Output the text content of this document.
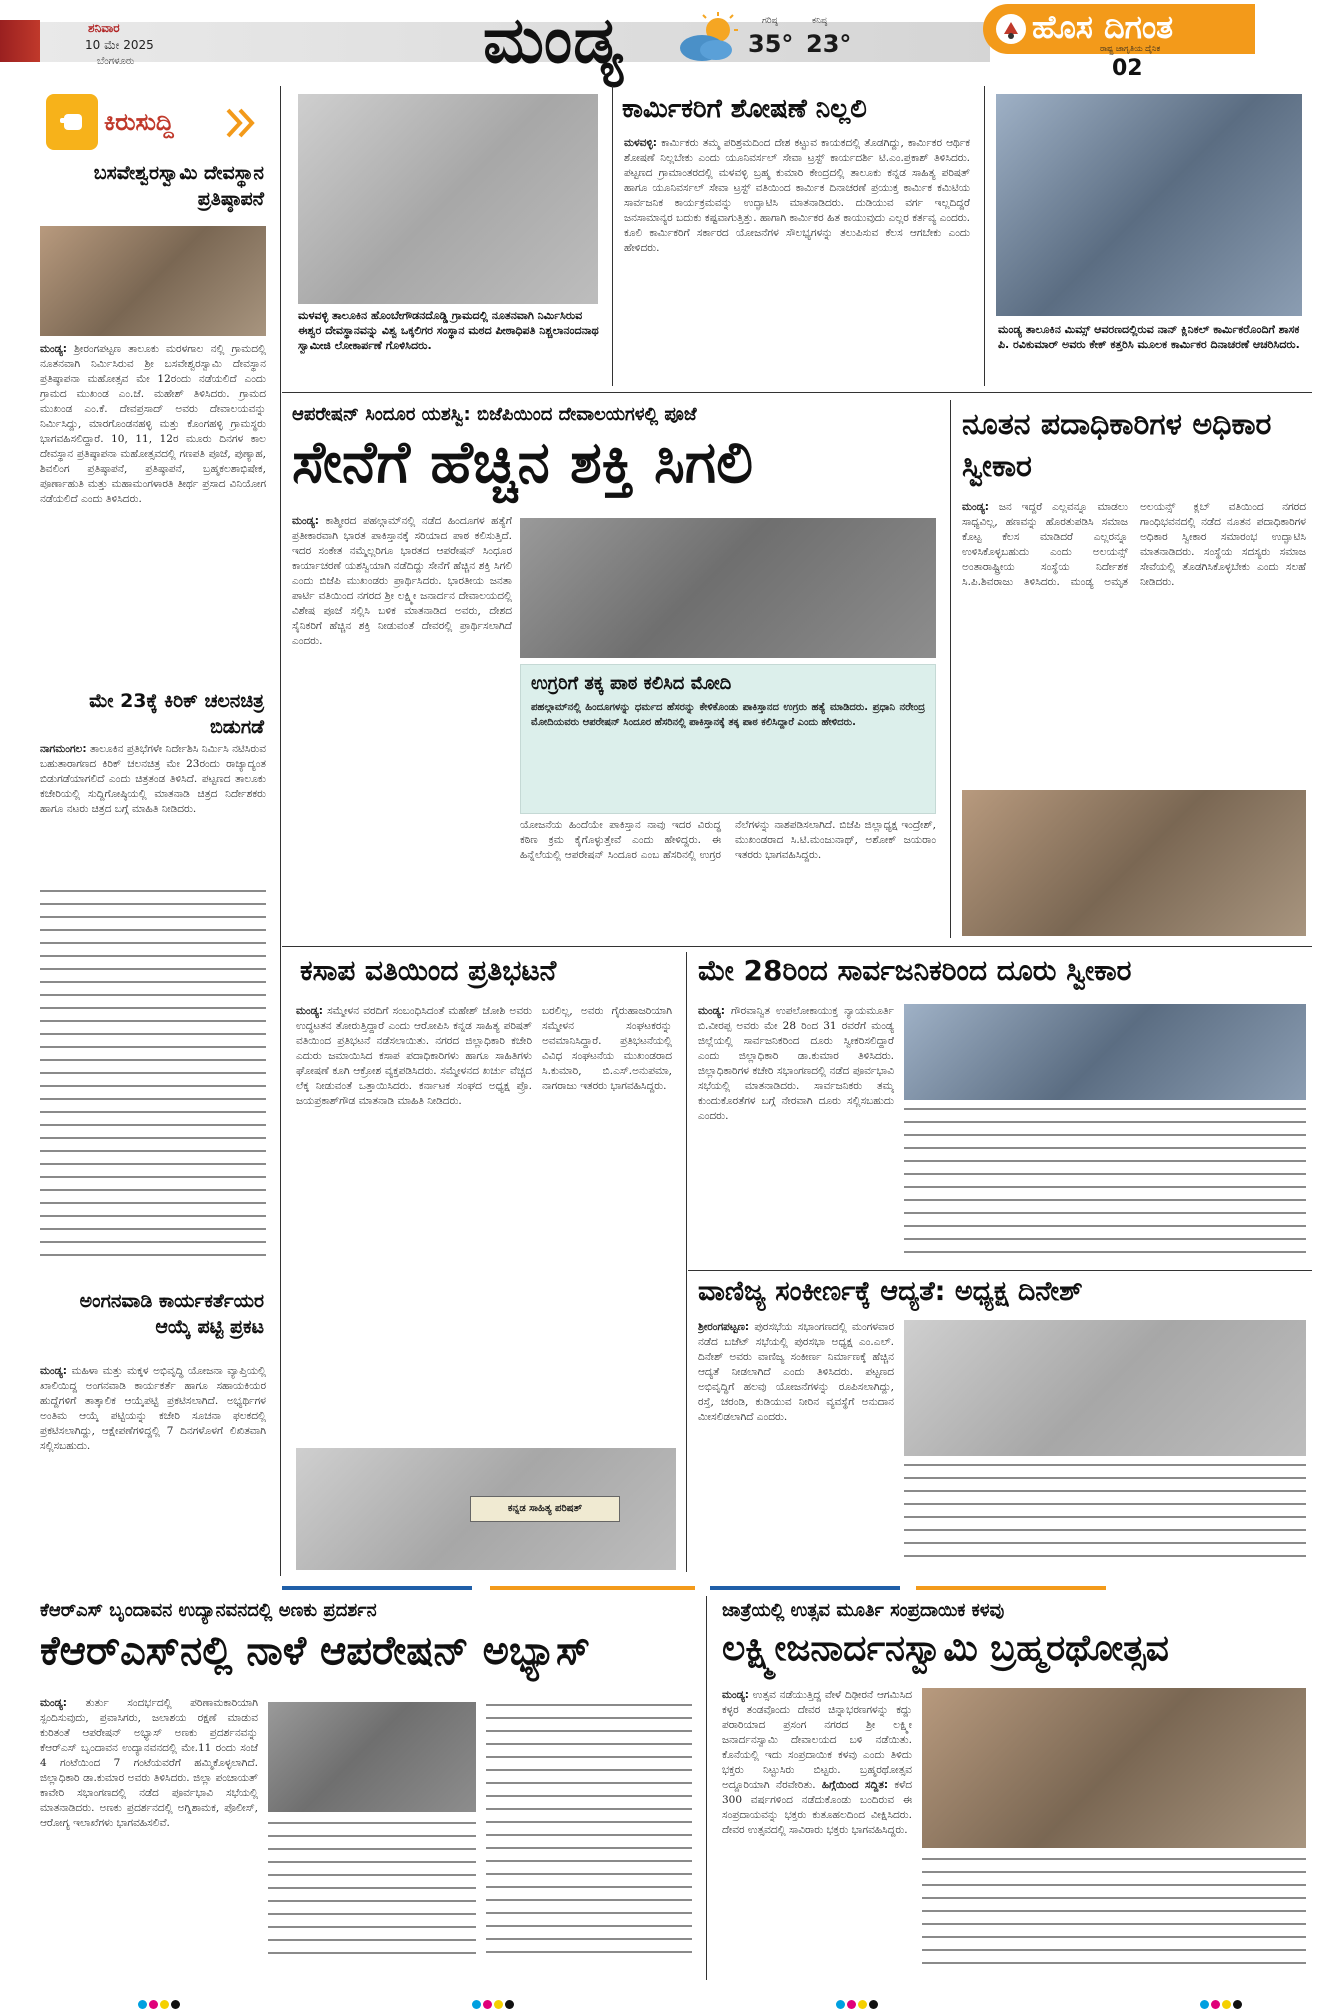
ಶನಿವಾರ
10 ಮೇ 2025
ಬೆಂಗಳೂರು	ಮಂಡ್ಯ	ಗರಿಷ್ಠ
35°
ಕನಿಷ್ಠ
23°	ಹೊಸ ದಿಗಂತ
ರಾಷ್ಟ್ರ ಜಾಗೃತಿಯ ದೈನಿಕ
02
ಕಿರುಸುದ್ದಿ
ಬಸವೇಶ್ವರಸ್ವಾಮಿ ದೇವಸ್ಥಾನ ಪ್ರತಿಷ್ಠಾಪನೆ
ಮಂಡ್ಯ: ಶ್ರೀರಂಗಪಟ್ಟಣ ತಾಲೂಕು ಮರಳಗಾಲ ನಲ್ಲಿ ಗ್ರಾಮದಲ್ಲಿ ನೂತನವಾಗಿ ನಿರ್ಮಿಸಿರುವ ಶ್ರೀ ಬಸವೇಶ್ವರಸ್ವಾಮಿ ದೇವಸ್ಥಾನ ಪ್ರತಿಷ್ಠಾಪನಾ ಮಹೋತ್ಸವ ಮೇ 12ರಂದು ನಡೆಯಲಿದೆ ಎಂದು ಗ್ರಾಮದ ಮುಖಂಡ ಎಂ.ಜೆ. ಮಹೇಶ್ ತಿಳಿಸಿದರು. ಗ್ರಾಮದ ಮುಖಂಡ ಎಂ.ಕೆ. ದೇವಪ್ರಸಾದ್ ಅವರು ದೇವಾಲಯವನ್ನು ನಿರ್ಮಿಸಿದ್ದು, ಮಾರಗೊಂಡನಹಳ್ಳಿ ಮತ್ತು ಕೊಂಗಹಳ್ಳಿ ಗ್ರಾಮಸ್ಥರು ಭಾಗವಹಿಸಲಿದ್ದಾರೆ. 10, 11, 12ರ ಮೂರು ದಿನಗಳ ಕಾಲ ದೇವಸ್ಥಾನ ಪ್ರತಿಷ್ಠಾಪನಾ ಮಹೋತ್ಸವದಲ್ಲಿ ಗಣಪತಿ ಪೂಜೆ, ಪುಣ್ಯಾಹ, ಶಿವಲಿಂಗ ಪ್ರತಿಷ್ಠಾಪನೆ, ಪ್ರತಿಷ್ಠಾಪನೆ, ಬ್ರಹ್ಮಕಲಶಾಭಿಷೇಕ, ಪೂರ್ಣಾಹುತಿ ಮತ್ತು ಮಹಾಮಂಗಳಾರತಿ ತೀರ್ಥ ಪ್ರಸಾದ ವಿನಿಯೋಗ ನಡೆಯಲಿದೆ ಎಂದು ತಿಳಿಸಿದರು.
ಮೇ 23ಕ್ಕೆ ಕಿರಿಕ್ ಚಲನಚಿತ್ರ ಬಿಡುಗಡೆ
ನಾಗಮಂಗಲ: ತಾಲೂಕಿನ ಪ್ರತಿಭೆಗಳೇ ನಿರ್ದೇಶಿಸಿ ನಿರ್ಮಿಸಿ ನಟಿಸಿರುವ ಬಹುತಾರಾಗಣದ ಕಿರಿಕ್ ಚಲನಚಿತ್ರ ಮೇ 23ರಂದು ರಾಜ್ಯಾದ್ಯಂತ ಬಿಡುಗಡೆಯಾಗಲಿದೆ ಎಂದು ಚಿತ್ರತಂಡ ತಿಳಿಸಿದೆ. ಪಟ್ಟಣದ ತಾಲೂಕು ಕಚೇರಿಯಲ್ಲಿ ಸುದ್ದಿಗೋಷ್ಠಿಯಲ್ಲಿ ಮಾತನಾಡಿ ಚಿತ್ರದ ನಿರ್ದೇಶಕರು ಹಾಗೂ ನಟರು ಚಿತ್ರದ ಬಗ್ಗೆ ಮಾಹಿತಿ ನೀಡಿದರು.
ಅಂಗನವಾಡಿ ಕಾರ್ಯಕರ್ತೆಯರ ಆಯ್ಕೆ ಪಟ್ಟಿ ಪ್ರಕಟ
ಮಂಡ್ಯ: ಮಹಿಳಾ ಮತ್ತು ಮಕ್ಕಳ ಅಭಿವೃದ್ಧಿ ಯೋಜನಾ ವ್ಯಾಪ್ತಿಯಲ್ಲಿ ಖಾಲಿಯಿದ್ದ ಅಂಗನವಾಡಿ ಕಾರ್ಯಕರ್ತೆ ಹಾಗೂ ಸಹಾಯಕಿಯರ ಹುದ್ದೆಗಳಿಗೆ ತಾತ್ಕಾಲಿಕ ಆಯ್ಕೆಪಟ್ಟಿ ಪ್ರಕಟಿಸಲಾಗಿದೆ. ಅಭ್ಯರ್ಥಿಗಳ ಅಂತಿಮ ಆಯ್ಕೆ ಪಟ್ಟಿಯನ್ನು ಕಚೇರಿ ಸೂಚನಾ ಫಲಕದಲ್ಲಿ ಪ್ರಕಟಿಸಲಾಗಿದ್ದು, ಆಕ್ಷೇಪಣೆಗಳಿದ್ದಲ್ಲಿ 7 ದಿನಗಳೊಳಗೆ ಲಿಖಿತವಾಗಿ ಸಲ್ಲಿಸಬಹುದು.
ಮಳವಳ್ಳಿ ತಾಲೂಕಿನ ಹೊಂಬೇಗೌಡನದೊಡ್ಡಿ ಗ್ರಾಮದಲ್ಲಿ ನೂತನವಾಗಿ ನಿರ್ಮಿಸಿರುವ ಈಶ್ವರ ದೇವಸ್ಥಾನವನ್ನು ವಿಶ್ವ ಒಕ್ಕಲಿಗರ ಸಂಸ್ಥಾನ ಮಠದ ಪೀಠಾಧಿಪತಿ ನಿಶ್ಚಲಾನಂದನಾಥ ಸ್ವಾಮೀಜಿ ಲೋಕಾರ್ಪಣೆ ಗೊಳಿಸಿದರು.
ಕಾರ್ಮಿಕರಿಗೆ ಶೋಷಣೆ ನಿಲ್ಲಲಿ
ಮಳವಳ್ಳಿ: ಕಾರ್ಮಿಕರು ತಮ್ಮ ಪರಿಶ್ರಮದಿಂದ ದೇಶ ಕಟ್ಟುವ ಕಾಯಕದಲ್ಲಿ ತೊಡಗಿದ್ದು, ಕಾರ್ಮಿಕರ ಆರ್ಥಿಕ ಶೋಷಣೆ ನಿಲ್ಲಬೇಕು ಎಂದು ಯೂನಿವರ್ಸಲ್ ಸೇವಾ ಟ್ರಸ್ಟ್ ಕಾರ್ಯದರ್ಶಿ ಟಿ.ಎಂ.ಪ್ರಕಾಶ್ ತಿಳಿಸಿದರು. ಪಟ್ಟಣದ ಗ್ರಾಮಾಂತರದಲ್ಲಿ ಮಳವಳ್ಳಿ ಬ್ರಹ್ಮ ಕುಮಾರಿ ಕೇಂದ್ರದಲ್ಲಿ ತಾಲೂಕು ಕನ್ನಡ ಸಾಹಿತ್ಯ ಪರಿಷತ್ ಹಾಗೂ ಯೂನಿವರ್ಸಲ್ ಸೇವಾ ಟ್ರಸ್ಟ್ ವತಿಯಿಂದ ಕಾರ್ಮಿಕ ದಿನಾಚರಣೆ ಪ್ರಯುಕ್ತ ಕಾರ್ಮಿಕ ಕಮಿಟಿಯ ಸಾರ್ವಜನಿಕ ಕಾರ್ಯಕ್ರಮವನ್ನು ಉದ್ಘಾಟಿಸಿ ಮಾತನಾಡಿದರು. ದುಡಿಯುವ ವರ್ಗ ಇಲ್ಲದಿದ್ದರೆ ಜನಸಾಮಾನ್ಯರ ಬದುಕು ಕಷ್ಟವಾಗುತ್ತಿತ್ತು. ಹಾಗಾಗಿ ಕಾರ್ಮಿಕರ ಹಿತ ಕಾಯುವುದು ಎಲ್ಲರ ಕರ್ತವ್ಯ ಎಂದರು. ಕೂಲಿ ಕಾರ್ಮಿಕರಿಗೆ ಸರ್ಕಾರದ ಯೋಜನೆಗಳ ಸೌಲಭ್ಯಗಳನ್ನು ತಲುಪಿಸುವ ಕೆಲಸ ಆಗಬೇಕು ಎಂದು ಹೇಳಿದರು.
ಮಂಡ್ಯ ತಾಲೂಕಿನ ಮಿಮ್ಸ್ ಆವರಣದಲ್ಲಿರುವ ನಾನ್ ಕ್ಲಿನಿಕಲ್ ಕಾರ್ಮಿಕರೊಂದಿಗೆ ಶಾಸಕ ಪಿ. ರವಿಕುಮಾರ್ ಅವರು ಕೇಕ್ ಕತ್ತರಿಸಿ ಮೂಲಕ ಕಾರ್ಮಿಕರ ದಿನಾಚರಣೆ ಆಚರಿಸಿದರು.
ಆಪರೇಷನ್ ಸಿಂದೂರ ಯಶಸ್ವಿ: ಬಿಜೆಪಿಯಿಂದ ದೇವಾಲಯಗಳಲ್ಲಿ ಪೂಜೆ
ಸೇನೆಗೆ ಹೆಚ್ಚಿನ ಶಕ್ತಿ ಸಿಗಲಿ
ಮಂಡ್ಯ: ಕಾಶ್ಮೀರದ ಪಹಲ್ಗಾಮ್‌ನಲ್ಲಿ ನಡೆದ ಹಿಂದೂಗಳ ಹತ್ಯೆಗೆ ಪ್ರತೀಕಾರವಾಗಿ ಭಾರತ ಪಾಕಿಸ್ತಾನಕ್ಕೆ ಸರಿಯಾದ ಪಾಠ ಕಲಿಸುತ್ತಿದೆ. ಇದರ ಸಂಕೇತ ನಮ್ಮೆಲ್ಲರಿಗೂ ಭಾರತದ ಆಪರೇಷನ್ ಸಿಂಧೂರ ಕಾರ್ಯಾಚರಣೆ ಯಶಸ್ವಿಯಾಗಿ ನಡೆದಿದ್ದು ಸೇನೆಗೆ ಹೆಚ್ಚಿನ ಶಕ್ತಿ ಸಿಗಲಿ ಎಂದು ಬಿಜೆಪಿ ಮುಖಂಡರು ಪ್ರಾರ್ಥಿಸಿದರು. ಭಾರತೀಯ ಜನತಾ ಪಾರ್ಟಿ ವತಿಯಿಂದ ನಗರದ ಶ್ರೀ ಲಕ್ಷ್ಮೀ ಜನಾರ್ದನ ದೇವಾಲಯದಲ್ಲಿ ವಿಶೇಷ ಪೂಜೆ ಸಲ್ಲಿಸಿ ಬಳಿಕ ಮಾತನಾಡಿದ ಅವರು, ದೇಶದ ಸೈನಿಕರಿಗೆ ಹೆಚ್ಚಿನ ಶಕ್ತಿ ನೀಡುವಂತೆ ದೇವರಲ್ಲಿ ಪ್ರಾರ್ಥಿಸಲಾಗಿದೆ ಎಂದರು.
ಉಗ್ರರಿಗೆ ತಕ್ಕ ಪಾಠ ಕಲಿಸಿದ ಮೋದಿ
ಪಹಲ್ಗಾಮ್‌ನಲ್ಲಿ ಹಿಂದೂಗಳನ್ನು ಧರ್ಮದ ಹೆಸರನ್ನು ಕೇಳಿಕೊಂಡು ಪಾಕಿಸ್ತಾನದ ಉಗ್ರರು ಹತ್ಯೆ ಮಾಡಿದರು. ಪ್ರಧಾನಿ ನರೇಂದ್ರ ಮೋದಿಯವರು ಆಪರೇಷನ್ ಸಿಂದೂರ ಹೆಸರಿನಲ್ಲಿ ಪಾಕಿಸ್ತಾನಕ್ಕೆ ತಕ್ಕ ಪಾಠ ಕಲಿಸಿದ್ದಾರೆ ಎಂದು ಹೇಳಿದರು.
ಯೋಜನೆಯ ಹಿಂದೆಯೇ ಪಾಕಿಸ್ತಾನ ನಾವು ಇದರ ವಿರುದ್ಧ ಕಠಿಣ ಕ್ರಮ ಕೈಗೊಳ್ಳುತ್ತೇವೆ ಎಂದು ಹೇಳಿದ್ದರು. ಈ ಹಿನ್ನೆಲೆಯಲ್ಲಿ ಆಪರೇಷನ್ ಸಿಂದೂರ ಎಂಬ ಹೆಸರಿನಲ್ಲಿ ಉಗ್ರರ ನೆಲೆಗಳನ್ನು ನಾಶಪಡಿಸಲಾಗಿದೆ. ಬಿಜೆಪಿ ಜಿಲ್ಲಾಧ್ಯಕ್ಷ ಇಂದ್ರೇಶ್, ಮುಖಂಡರಾದ ಸಿ.ಟಿ.ಮಂಜುನಾಥ್, ಅಶೋಕ್ ಜಯರಾಂ ಇತರರು ಭಾಗವಹಿಸಿದ್ದರು.
ನೂತನ ಪದಾಧಿಕಾರಿಗಳ ಅಧಿಕಾರ ಸ್ವೀಕಾರ
ಮಂಡ್ಯ: ಜನ ಇದ್ದರೆ ಎಲ್ಲವನ್ನೂ ಮಾಡಲು ಸಾಧ್ಯವಿಲ್ಲ, ಹಣವನ್ನು ಹೊರತುಪಡಿಸಿ ಸಮಾಜ ಕೊಟ್ಟ ಕೆಲಸ ಮಾಡಿದರೆ ಎಲ್ಲರನ್ನೂ ಉಳಿಸಿಕೊಳ್ಳಬಹುದು ಎಂದು ಅಲಯನ್ಸ್ ಅಂತಾರಾಷ್ಟ್ರೀಯ ಸಂಸ್ಥೆಯ ನಿರ್ದೇಶಕ ಸಿ.ಪಿ.ಶಿವರಾಜು ತಿಳಿಸಿದರು. ಮಂಡ್ಯ ಅಮೃತ ಅಲಯನ್ಸ್ ಕ್ಲಬ್ ವತಿಯಿಂದ ನಗರದ ಗಾಂಧಿಭವನದಲ್ಲಿ ನಡೆದ ನೂತನ ಪದಾಧಿಕಾರಿಗಳ ಅಧಿಕಾರ ಸ್ವೀಕಾರ ಸಮಾರಂಭ ಉದ್ಘಾಟಿಸಿ ಮಾತನಾಡಿದರು. ಸಂಸ್ಥೆಯ ಸದಸ್ಯರು ಸಮಾಜ ಸೇವೆಯಲ್ಲಿ ತೊಡಗಿಸಿಕೊಳ್ಳಬೇಕು ಎಂದು ಸಲಹೆ ನೀಡಿದರು.
ಕಸಾಪ ವತಿಯಿಂದ ಪ್ರತಿಭಟನೆ
ಮಂಡ್ಯ: ಸಮ್ಮೇಳನ ವರದಿಗೆ ಸಂಬಂಧಿಸಿದಂತೆ ಮಹೇಶ್ ಜೋಶಿ ಅವರು ಉದ್ಧಟತನ ತೋರುತ್ತಿದ್ದಾರೆ ಎಂದು ಆರೋಪಿಸಿ ಕನ್ನಡ ಸಾಹಿತ್ಯ ಪರಿಷತ್ ವತಿಯಿಂದ ಪ್ರತಿಭಟನೆ ನಡೆಸಲಾಯಿತು. ನಗರದ ಜಿಲ್ಲಾಧಿಕಾರಿ ಕಚೇರಿ ಎದುರು ಜಮಾಯಿಸಿದ ಕಸಾಪ ಪದಾಧಿಕಾರಿಗಳು ಹಾಗೂ ಸಾಹಿತಿಗಳು ಘೋಷಣೆ ಕೂಗಿ ಆಕ್ರೋಶ ವ್ಯಕ್ತಪಡಿಸಿದರು. ಸಮ್ಮೇಳನದ ಖರ್ಚು ವೆಚ್ಚದ ಲೆಕ್ಕ ನೀಡುವಂತೆ ಒತ್ತಾಯಿಸಿದರು. ಕರ್ನಾಟಕ ಸಂಘದ ಅಧ್ಯಕ್ಷ ಪ್ರೊ. ಜಯಪ್ರಕಾಶ್‌ಗೌಡ ಮಾತನಾಡಿ ಮಾಹಿತಿ ನೀಡಿದರು.
ಬರಲಿಲ್ಲ, ಅವರು ಗೈರುಹಾಜರಿಯಾಗಿ ಸಮ್ಮೇಳನ ಸಂಘಟಕರನ್ನು ಅವಮಾನಿಸಿದ್ದಾರೆ. ಪ್ರತಿಭಟನೆಯಲ್ಲಿ ವಿವಿಧ ಸಂಘಟನೆಯ ಮುಖಂಡರಾದ ಸಿ.ಕುಮಾರಿ, ಬಿ.ಎಸ್.ಅನುಪಮಾ, ನಾಗರಾಜು ಇತರರು ಭಾಗವಹಿಸಿದ್ದರು.
ಕನ್ನಡ ಸಾಹಿತ್ಯ ಪರಿಷತ್
ಮೇ 28ರಿಂದ ಸಾರ್ವಜನಿಕರಿಂದ ದೂರು ಸ್ವೀಕಾರ
ಮಂಡ್ಯ: ಗೌರವಾನ್ವಿತ ಉಪಲೋಕಾಯುಕ್ತ ನ್ಯಾಯಮೂರ್ತಿ ಬಿ.ವೀರಪ್ಪ ಅವರು ಮೇ 28 ರಿಂದ 31 ರವರೆಗೆ ಮಂಡ್ಯ ಜಿಲ್ಲೆಯಲ್ಲಿ ಸಾರ್ವಜನಿಕರಿಂದ ದೂರು ಸ್ವೀಕರಿಸಲಿದ್ದಾರೆ ಎಂದು ಜಿಲ್ಲಾಧಿಕಾರಿ ಡಾ.ಕುಮಾರ ತಿಳಿಸಿದರು. ಜಿಲ್ಲಾಧಿಕಾರಿಗಳ ಕಚೇರಿ ಸಭಾಂಗಣದಲ್ಲಿ ನಡೆದ ಪೂರ್ವಭಾವಿ ಸಭೆಯಲ್ಲಿ ಮಾತನಾಡಿದರು. ಸಾರ್ವಜನಿಕರು ತಮ್ಮ ಕುಂದುಕೊರತೆಗಳ ಬಗ್ಗೆ ನೇರವಾಗಿ ದೂರು ಸಲ್ಲಿಸಬಹುದು ಎಂದರು.
ವಾಣಿಜ್ಯ ಸಂಕೀರ್ಣಕ್ಕೆ ಆದ್ಯತೆ: ಅಧ್ಯಕ್ಷ ದಿನೇಶ್
ಶ್ರೀರಂಗಪಟ್ಟಣ: ಪುರಸಭೆಯ ಸಭಾಂಗಣದಲ್ಲಿ ಮಂಗಳವಾರ ನಡೆದ ಬಜೆಟ್ ಸಭೆಯಲ್ಲಿ ಪುರಸಭಾ ಅಧ್ಯಕ್ಷ ಎಂ.ಎಲ್. ದಿನೇಶ್ ಅವರು ವಾಣಿಜ್ಯ ಸಂಕೀರ್ಣ ನಿರ್ಮಾಣಕ್ಕೆ ಹೆಚ್ಚಿನ ಆದ್ಯತೆ ನೀಡಲಾಗಿದೆ ಎಂದು ತಿಳಿಸಿದರು. ಪಟ್ಟಣದ ಅಭಿವೃದ್ಧಿಗೆ ಹಲವು ಯೋಜನೆಗಳನ್ನು ರೂಪಿಸಲಾಗಿದ್ದು, ರಸ್ತೆ, ಚರಂಡಿ, ಕುಡಿಯುವ ನೀರಿನ ವ್ಯವಸ್ಥೆಗೆ ಅನುದಾನ ಮೀಸಲಿಡಲಾಗಿದೆ ಎಂದರು.
ಕೆಆರ್‌ಎಸ್ ಬೃಂದಾವನ ಉದ್ಯಾನವನದಲ್ಲಿ ಅಣಕು ಪ್ರದರ್ಶನ
ಕೆಆರ್‌ಎಸ್‌ನಲ್ಲಿ ನಾಳೆ ಆಪರೇಷನ್ ಅಭ್ಯಾಸ್
ಮಂಡ್ಯ: ತುರ್ತು ಸಂದರ್ಭದಲ್ಲಿ ಪರಿಣಾಮಕಾರಿಯಾಗಿ ಸ್ಪಂದಿಸುವುದು, ಪ್ರವಾಸಿಗರು, ಜಲಾಶಯ ರಕ್ಷಣೆ ಮಾಡುವ ಕುರಿತಂತೆ ಆಪರೇಷನ್ ಅಭ್ಯಾಸ್ ಅಣಕು ಪ್ರದರ್ಶನವನ್ನು ಕೆಆರ್‌ಎಸ್ ಬೃಂದಾವನ ಉದ್ಯಾನವನದಲ್ಲಿ ಮೇ.11 ರಂದು ಸಂಜೆ 4 ಗಂಟೆಯಿಂದ 7 ಗಂಟೆಯವರೆಗೆ ಹಮ್ಮಿಕೊಳ್ಳಲಾಗಿದೆ. ಜಿಲ್ಲಾಧಿಕಾರಿ ಡಾ.ಕುಮಾರ ಅವರು ತಿಳಿಸಿದರು. ಜಿಲ್ಲಾ ಪಂಚಾಯತ್ ಕಾವೇರಿ ಸಭಾಂಗಣದಲ್ಲಿ ನಡೆದ ಪೂರ್ವಭಾವಿ ಸಭೆಯಲ್ಲಿ ಮಾತನಾಡಿದರು. ಅಣಕು ಪ್ರದರ್ಶನದಲ್ಲಿ ಅಗ್ನಿಶಾಮಕ, ಪೊಲೀಸ್, ಆರೋಗ್ಯ ಇಲಾಖೆಗಳು ಭಾಗವಹಿಸಲಿವೆ.
ಜಾತ್ರೆಯಲ್ಲಿ ಉತ್ಸವ ಮೂರ್ತಿ ಸಂಪ್ರದಾಯಿಕ ಕಳವು
ಲಕ್ಷ್ಮೀಜನಾರ್ದನಸ್ವಾಮಿ ಬ್ರಹ್ಮರಥೋತ್ಸವ
ಮಂಡ್ಯ: ಉತ್ಸವ ನಡೆಯುತ್ತಿದ್ದ ವೇಳೆ ದಿಢೀರನೆ ಆಗಮಿಸಿದ ಕಳ್ಳರ ತಂಡವೊಂದು ದೇವರ ಚಿನ್ನಾಭರಣಗಳನ್ನು ಕದ್ದು ಪರಾರಿಯಾದ ಪ್ರಸಂಗ ನಗರದ ಶ್ರೀ ಲಕ್ಷ್ಮೀ ಜನಾರ್ದನಸ್ವಾಮಿ ದೇವಾಲಯದ ಬಳಿ ನಡೆಯಿತು. ಕೊನೆಯಲ್ಲಿ ಇದು ಸಂಪ್ರದಾಯಿಕ ಕಳವು ಎಂದು ತಿಳಿದು ಭಕ್ತರು ನಿಟ್ಟುಸಿರು ಬಿಟ್ಟರು. ಬ್ರಹ್ಮರಥೋತ್ಸವ ಅದ್ದೂರಿಯಾಗಿ ನೆರವೇರಿತು. ಹಿಗ್ಗೆಯಿಂದ ಸದ್ದಿತ: ಕಳೆದ 300 ವರ್ಷಗಳಿಂದ ನಡೆದುಕೊಂಡು ಬಂದಿರುವ ಈ ಸಂಪ್ರದಾಯವನ್ನು ಭಕ್ತರು ಕುತೂಹಲದಿಂದ ವೀಕ್ಷಿಸಿದರು. ದೇವರ ಉತ್ಸವದಲ್ಲಿ ಸಾವಿರಾರು ಭಕ್ತರು ಭಾಗವಹಿಸಿದ್ದರು.
